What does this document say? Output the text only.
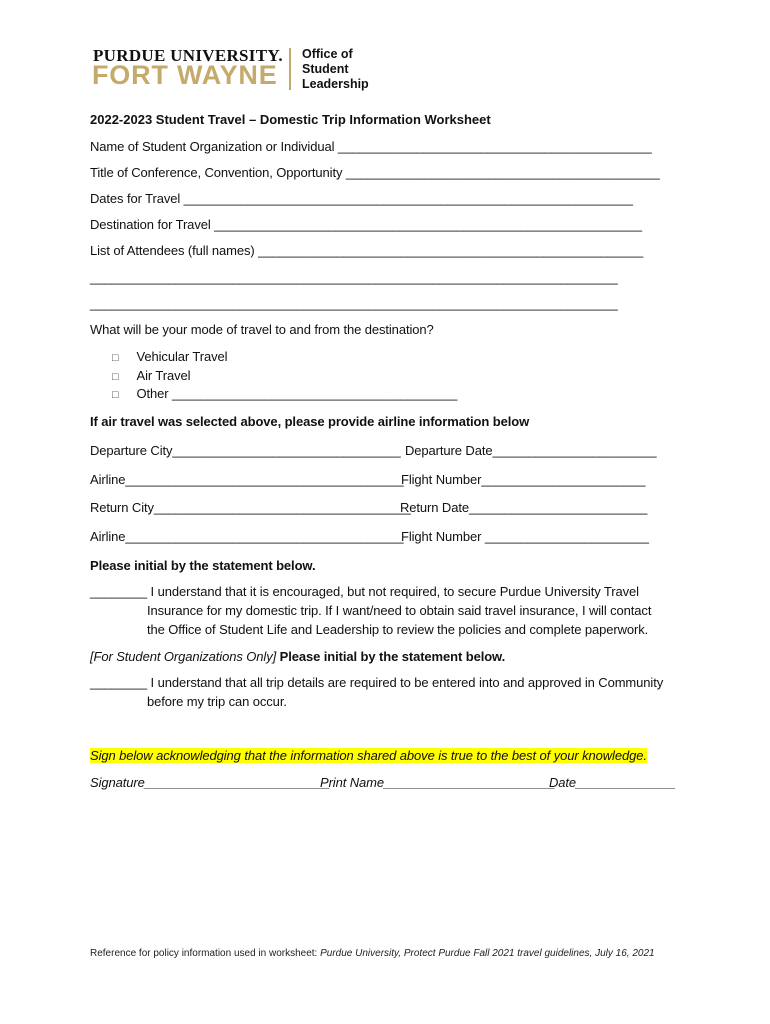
PURDUE UNIVERSITY.
FORT WAYNE
Office of
Student
Leadership
2022-2023 Student Travel – Domestic Trip Information Worksheet
Name of Student Organization or Individual ____________________________________________
Title of Conference, Convention, Opportunity ____________________________________________
Dates for Travel _______________________________________________________________
Destination for Travel ____________________________________________________________
List of Attendees (full names) ______________________________________________________
__________________________________________________________________________
__________________________________________________________________________
What will be your mode of travel to and from the destination?
□ Vehicular Travel
□ Air Travel
□ Other ________________________________________
If air travel was selected above, please provide airline information below
Departure City________________________________ Departure Date_______________________
Airline_______________________________________
Flight Number_______________________
Return City____________________________________
Return Date_________________________
Airline_______________________________________
Flight Number _______________________
Please initial by the statement below.
________ I understand that it is encouraged, but not required, to secure Purdue University Travel
Insurance for my domestic trip. If I want/need to obtain said travel insurance, I will contact
the Office of Student Life and Leadership to review the policies and complete paperwork.
[For Student Organizations Only] Please initial by the statement below.
________ I understand that all trip details are required to be entered into and approved in Community
before my trip can occur.
Sign below acknowledging that the information shared above is true to the best of your knowledge.
Signature__________________________
Print Name________________________
Date______________
Reference for policy information used in worksheet: Purdue University, Protect Purdue Fall 2021 travel guidelines, July 16, 2021
